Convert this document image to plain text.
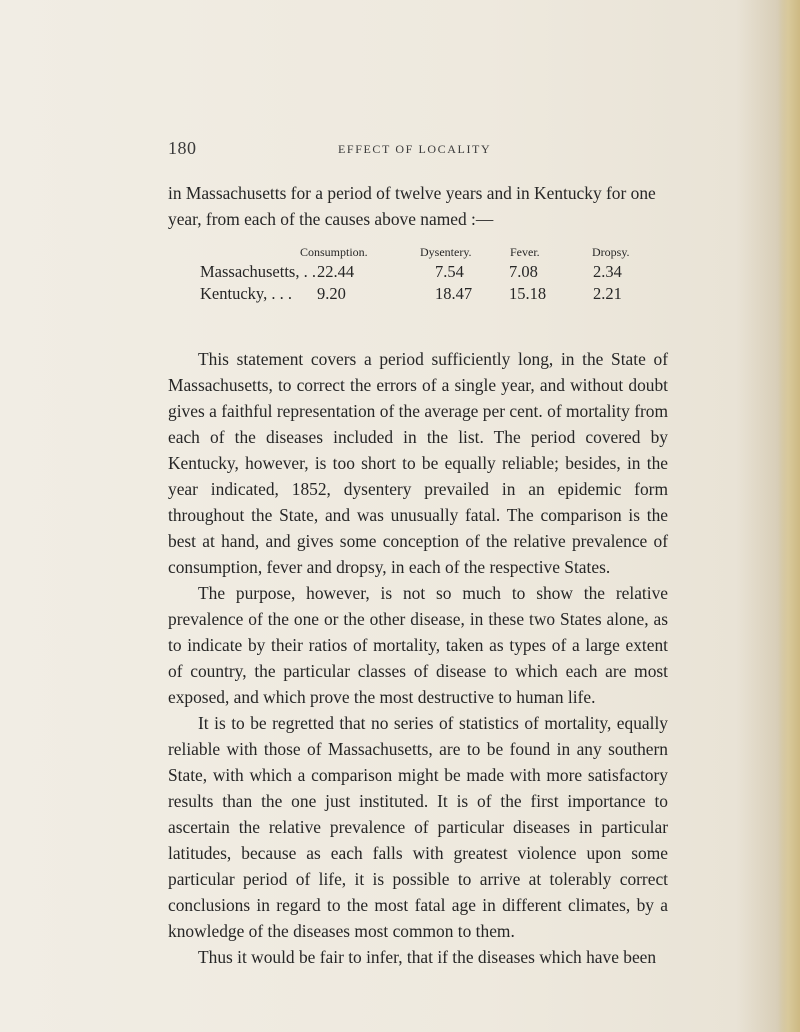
180	EFFECT OF LOCALITY

in Massachusetts for a period of twelve years and in Kentucky for one

year, from each of the causes above named :—

Consumption.	Dysentery.	Fever.	Dropsy.
Massachusetts, . . 22.44	7.54	7.08	2.34
Kentucky, . . . 9.20	18.47 15.18	2.21

This statement covers a period sufficiently long, in the State of Massachusetts, to correct the errors of a single year, and without doubt gives a faithful representation of the average per cent. of mortality from each of the diseases included in the list. The period covered by Kentucky, however, is too short to be equally reliable; besides, in the year indicated, 1852, dysentery prevailed in an epidemic form throughout the State, and was unusually fatal. The comparison is the best at hand, and gives some conception of the relative prevalence of consumption, fever and dropsy, in each of the respective States.

The purpose, however, is not so much to show the relative prevalence of the one or the other disease, in these two States alone, as to indicate by their ratios of mortality, taken as types of a large extent of country, the particular classes of disease to which each are most exposed, and which prove the most destructive to human life.

It is to be regretted that no series of statistics of mortality, equally reliable with those of Massachusetts, are to be found in any southern State, with which a comparison might be made with more satisfactory results than the one just instituted. It is of the first importance to ascertain the relative prevalence of particular diseases in particular latitudes, because as each falls with greatest violence upon some particular period of life, it is possible to arrive at tolerably correct conclusions in regard to the most fatal age in different climates, by a knowledge of the diseases most common to them.

Thus it would be fair to infer, that if the diseases which have been
